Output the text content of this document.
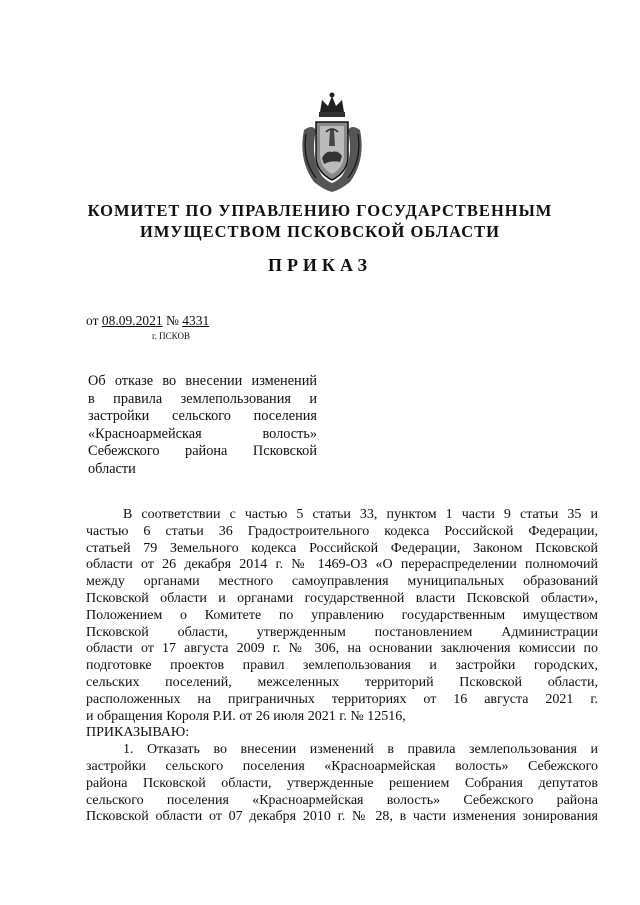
КОМИТЕТ ПО УПРАВЛЕНИЮ ГОСУДАРСТВЕННЫМ
ИМУЩЕСТВОМ ПСКОВСКОЙ ОБЛАСТИ
ПРИКАЗ
от 08.09.2021 № 4331
г. ПСКОВ
Об отказе во внесении изменений
в правила землепользования и
застройки сельского поселения
«Красноармейская волость»
Себежского района Псковской
области
В соответствии с частью 5 статьи 33, пунктом 1 части 9 статьи 35 и
частью 6 статьи 36 Градостроительного кодекса Российской Федерации,
статьей 79 Земельного кодекса Российской Федерации, Законом Псковской
области от 26 декабря 2014 г. № 1469-ОЗ «О перераспределении полномочий
между органами местного самоуправления муниципальных образований
Псковской области и органами государственной власти Псковской области»,
Положением о Комитете по управлению государственным имуществом
Псковской области, утвержденным постановлением Администрации
области от 17 августа 2009 г. № 306, на основании заключения комиссии по
подготовке проектов правил землепользования и застройки городских,
сельских поселений, межселенных территорий Псковской области,
расположенных на приграничных территориях от 16 августа 2021 г.
и обращения Короля Р.И. от 26 июля 2021 г. № 12516,
ПРИКАЗЫВАЮ:
1. Отказать во внесении изменений в правила землепользования и
застройки сельского поселения «Красноармейская волость» Себежского
района Псковской области, утвержденные решением Собрания депутатов
сельского поселения «Красноармейская волость» Себежского района
Псковской области от 07 декабря 2010 г. № 28, в части изменения зонирования
